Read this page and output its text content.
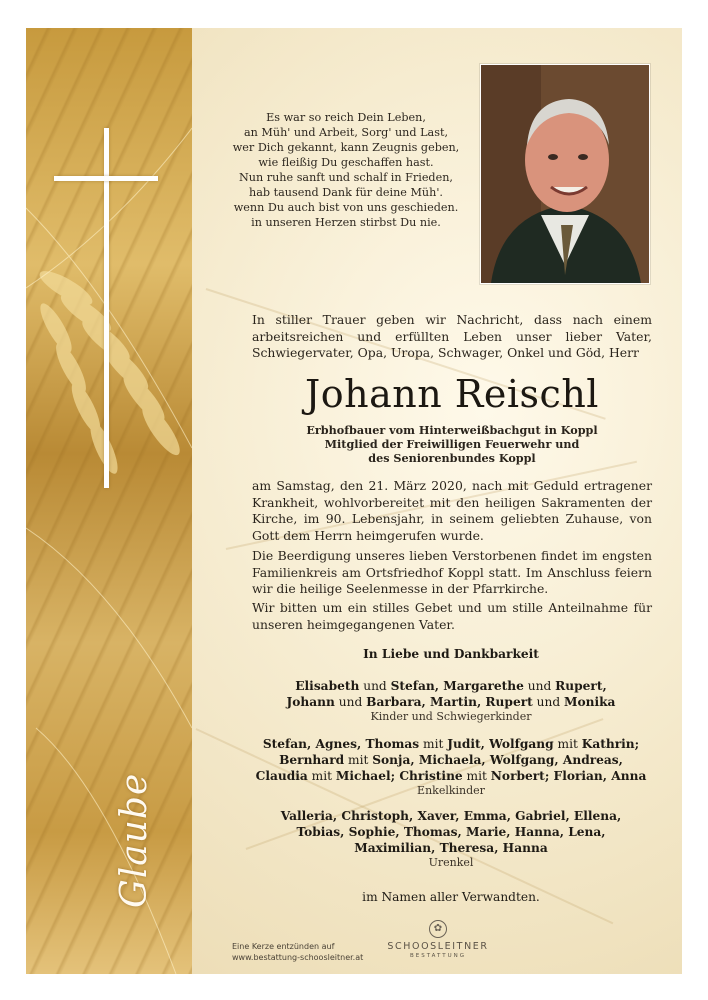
Glaube
Es war so reich Dein Leben,
an Müh' und Arbeit, Sorg' und Last,
wer Dich gekannt, kann Zeugnis geben,
wie fleißig Du geschaffen hast.
Nun ruhe sanft und schalf in Frieden,
hab tausend Dank für deine Müh'.
wenn Du auch bist von uns geschieden.
in unseren Herzen stirbst Du nie.

In stiller Trauer geben wir Nachricht, dass nach einem arbeitsreichen und erfüllten Leben unser lieber Vater, Schwiegervater, Opa, Uropa, Schwager, Onkel und Göd, Herr

Johann Reischl
Erbhofbauer vom Hinterweißbachgut in Koppl
Mitglied der Freiwilligen Feuerwehr und
des Seniorenbundes Koppl

am Samstag, den 21. März 2020, nach mit Geduld ertragener Krankheit, wohlvorbereitet mit den heiligen Sakramenten der Kirche, im 90. Lebensjahr, in seinem geliebten Zuhause, von Gott dem Herrn heimgerufen wurde.

Die Beerdigung unseres lieben Verstorbenen findet im engsten Familienkreis am Ortsfriedhof Koppl statt. Im Anschluss feiern wir die heilige Seelenmesse in der Pfarrkirche.

Wir bitten um ein stilles Gebet und um stille Anteilnahme für unseren heimgegangenen Vater.

In Liebe und Dankbarkeit
Elisabeth und Stefan, Margarethe und Rupert,
Johann und Barbara, Martin, Rupert und Monika
Kinder und Schwiegerkinder
Stefan, Agnes, Thomas mit Judit, Wolfgang mit Kathrin;
Bernhard mit Sonja, Michaela, Wolfgang, Andreas,
Claudia mit Michael; Christine mit Norbert; Florian, Anna
Enkelkinder
Valleria, Christoph, Xaver, Emma, Gabriel, Ellena,
Tobias, Sophie, Thomas, Marie, Hanna, Lena,
Maximilian, Theresa, Hanna
Urenkel
im Namen aller Verwandten.
Eine Kerze entzünden auf
www.bestattung-schoosleitner.at
✿
SCHOOSLEITNER
BESTATTUNG
